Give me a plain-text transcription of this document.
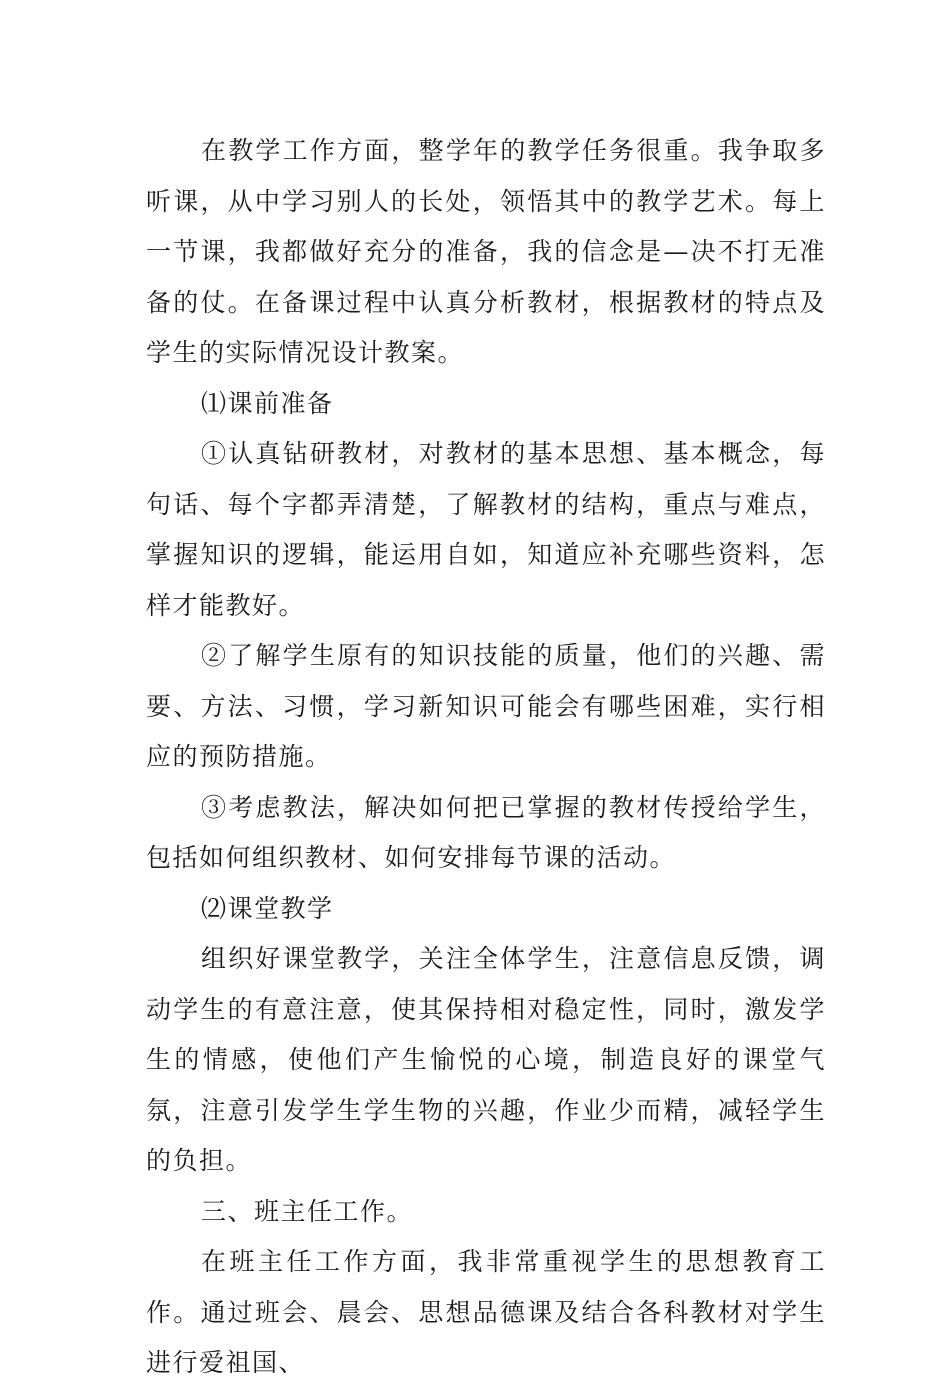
在教学工作方面，整学年的教学任务很重。我争取多听课，从中学习别人的长处，领悟其中的教学艺术。每上一节课，我都做好充分的准备，我的信念是—决不打无准备的仗。在备课过程中认真分析教材，根据教材的特点及学生的实际情况设计教案。

⑴课前准备

①认真钻研教材，对教材的基本思想、基本概念，每句话、每个字都弄清楚，了解教材的结构，重点与难点，掌握知识的逻辑，能运用自如，知道应补充哪些资料，怎样才能教好。

②了解学生原有的知识技能的质量，他们的兴趣、需要、方法、习惯，学习新知识可能会有哪些困难，实行相应的预防措施。

③考虑教法，解决如何把已掌握的教材传授给学生，包括如何组织教材、如何安排每节课的活动。

⑵课堂教学

组织好课堂教学，关注全体学生，注意信息反馈，调动学生的有意注意，使其保持相对稳定性，同时，激发学生的情感，使他们产生愉悦的心境，制造良好的课堂气氛，注意引发学生学生物的兴趣，作业少而精，减轻学生的负担。

三、班主任工作。

在班主任工作方面，我非常重视学生的思想教育工作。通过班会、晨会、思想品德课及结合各科教材对学生进行爱祖国、
